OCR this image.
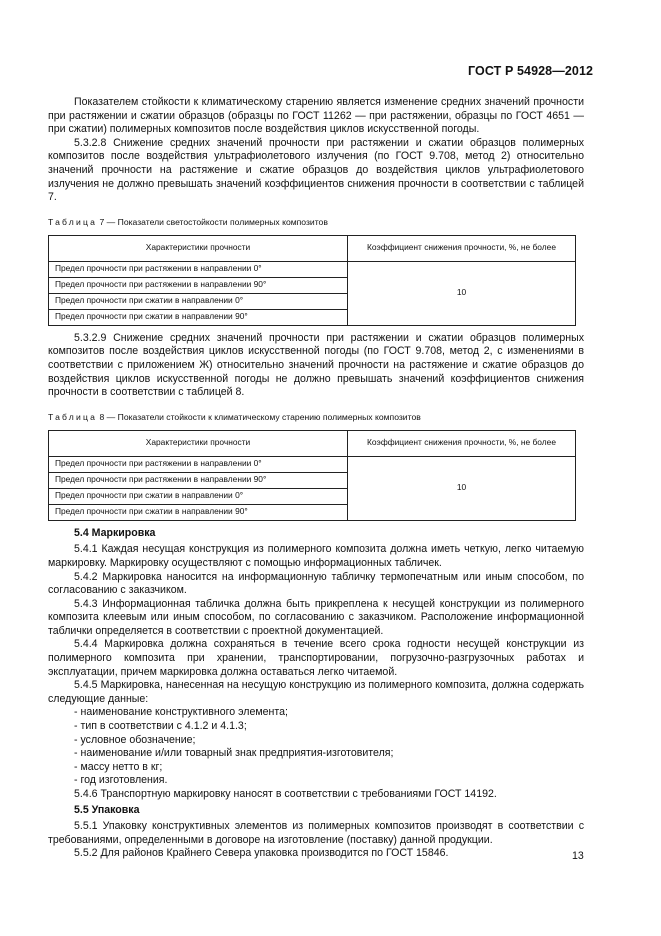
ГОСТ Р 54928—2012

Показателем стойкости к климатическому старению является изменение средних значений прочности при растяжении и сжатии образцов (образцы по ГОСТ 11262 — при растяжении, образцы по ГОСТ 4651 — при сжатии) полимерных композитов после воздействия циклов искусственной погоды.

5.3.2.8 Снижение средних значений прочности при растяжении и сжатии образцов полимерных композитов после воздействия ультрафиолетового излучения (по ГОСТ 9.708, метод 2) относительно значений прочности на растяжение и сжатие образцов до воздействия циклов ультрафиолетового излучения не должно превышать значений коэффициентов снижения прочности в соответствии с таблицей 7.

Таблица 7 — Показатели светостойкости полимерных композитов
Характеристики прочности	Коэффициент снижения прочности, %, не более
Предел прочности при растяжении в направлении 0°	10
Предел прочности при растяжении в направлении 90°	
Предел прочности при сжатии в направлении 0°	
Предел прочности при сжатии в направлении 90°	

5.3.2.9 Снижение средних значений прочности при растяжении и сжатии образцов полимерных композитов после воздействия циклов искусственной погоды (по ГОСТ 9.708, метод 2, с изменениями в соответствии с приложением Ж) относительно значений прочности на растяжение и сжатие образцов до воздействия циклов искусственной погоды не должно превышать значений коэффициентов снижения прочности в соответствии с таблицей 8.

Таблица 8 — Показатели стойкости к климатическому старению полимерных композитов
Характеристики прочности	Коэффициент снижения прочности, %, не более
Предел прочности при растяжении в направлении 0°	10
Предел прочности при растяжении в направлении 90°	
Предел прочности при сжатии в направлении 0°	
Предел прочности при сжатии в направлении 90°	
5.4 Маркировка

5.4.1 Каждая несущая конструкция из полимерного композита должна иметь четкую, легко читаемую маркировку. Маркировку осуществляют с помощью информационных табличек.

5.4.2 Маркировка наносится на информационную табличку термопечатным или иным способом, по согласованию с заказчиком.

5.4.3 Информационная табличка должна быть прикреплена к несущей конструкции из полимерного композита клеевым или иным способом, по согласованию с заказчиком. Расположение информационной таблички определяется в соответствии с проектной документацией.

5.4.4 Маркировка должна сохраняться в течение всего срока годности несущей конструкции из полимерного композита при хранении, транспортировании, погрузочно-разгрузочных работах и эксплуатации, причем маркировка должна оставаться легко читаемой.

5.4.5 Маркировка, нанесенная на несущую конструкцию из полимерного композита, должна содержать следующие данные:

- наименование конструктивного элемента;

- тип в соответствии с 4.1.2 и 4.1.3;

- условное обозначение;

- наименование и/или товарный знак предприятия-изготовителя;

- массу нетто в кг;

- год изготовления.

5.4.6 Транспортную маркировку наносят в соответствии с требованиями ГОСТ 14192.

5.5 Упаковка

5.5.1 Упаковку конструктивных элементов из полимерных композитов производят в соответствии с требованиями, определенными в договоре на изготовление (поставку) данной продукции.

5.5.2 Для районов Крайнего Севера упаковка производится по ГОСТ 15846.	13
